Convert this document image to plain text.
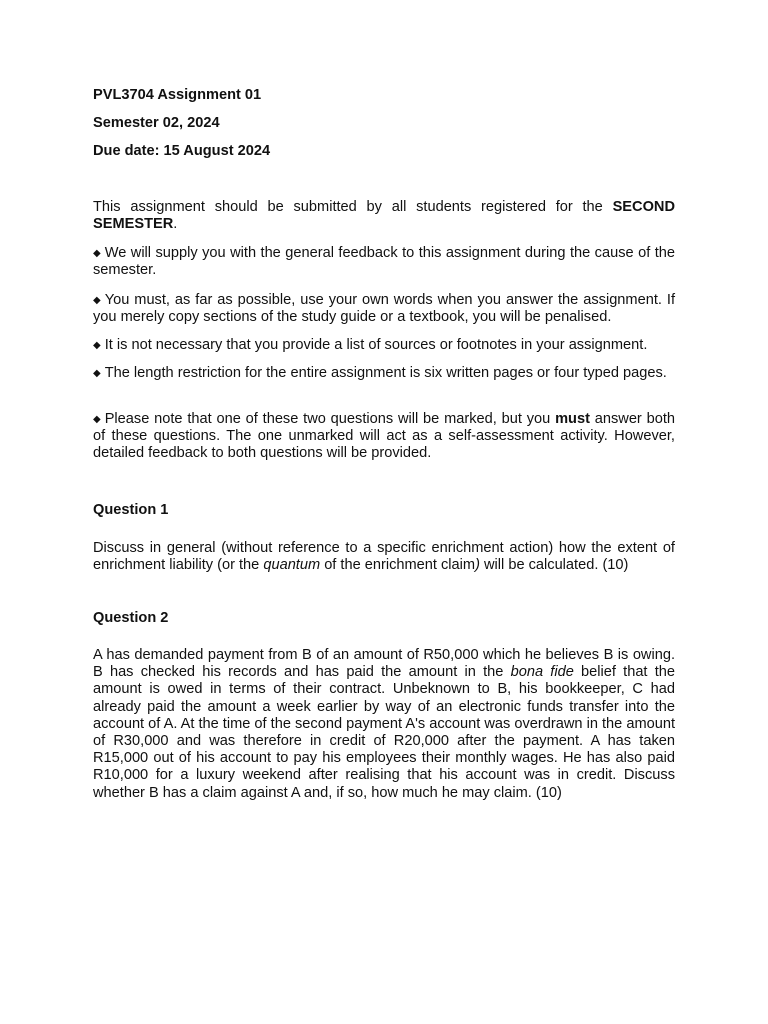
PVL3704 Assignment 01
Semester 02, 2024
Due date: 15 August 2024
This assignment should be submitted by all students registered for the SECOND SEMESTER.
◆ We will supply you with the general feedback to this assignment during the cause of the semester.
◆ You must, as far as possible, use your own words when you answer the assignment. If you merely copy sections of the study guide or a textbook, you will be penalised.
◆ It is not necessary that you provide a list of sources or footnotes in your assignment.
◆ The length restriction for the entire assignment is six written pages or four typed pages.
◆ Please note that one of these two questions will be marked, but you must answer both of these questions. The one unmarked will act as a self-assessment activity. However, detailed feedback to both questions will be provided.
Question 1
Discuss in general (without reference to a specific enrichment action) how the extent of enrichment liability (or the quantum of the enrichment claim) will be calculated. (10)
Question 2
A has demanded payment from B of an amount of R50,000 which he believes B is owing. B has checked his records and has paid the amount in the bona fide belief that the amount is owed in terms of their contract. Unbeknown to B, his bookkeeper, C had already paid the amount a week earlier by way of an electronic funds transfer into the account of A. At the time of the second payment A's account was overdrawn in the amount of R30,000 and was therefore in credit of R20,000 after the payment. A has taken R15,000 out of his account to pay his employees their monthly wages. He has also paid R10,000 for a luxury weekend after realising that his account was in credit. Discuss whether B has a claim against A and, if so, how much he may claim. (10)
